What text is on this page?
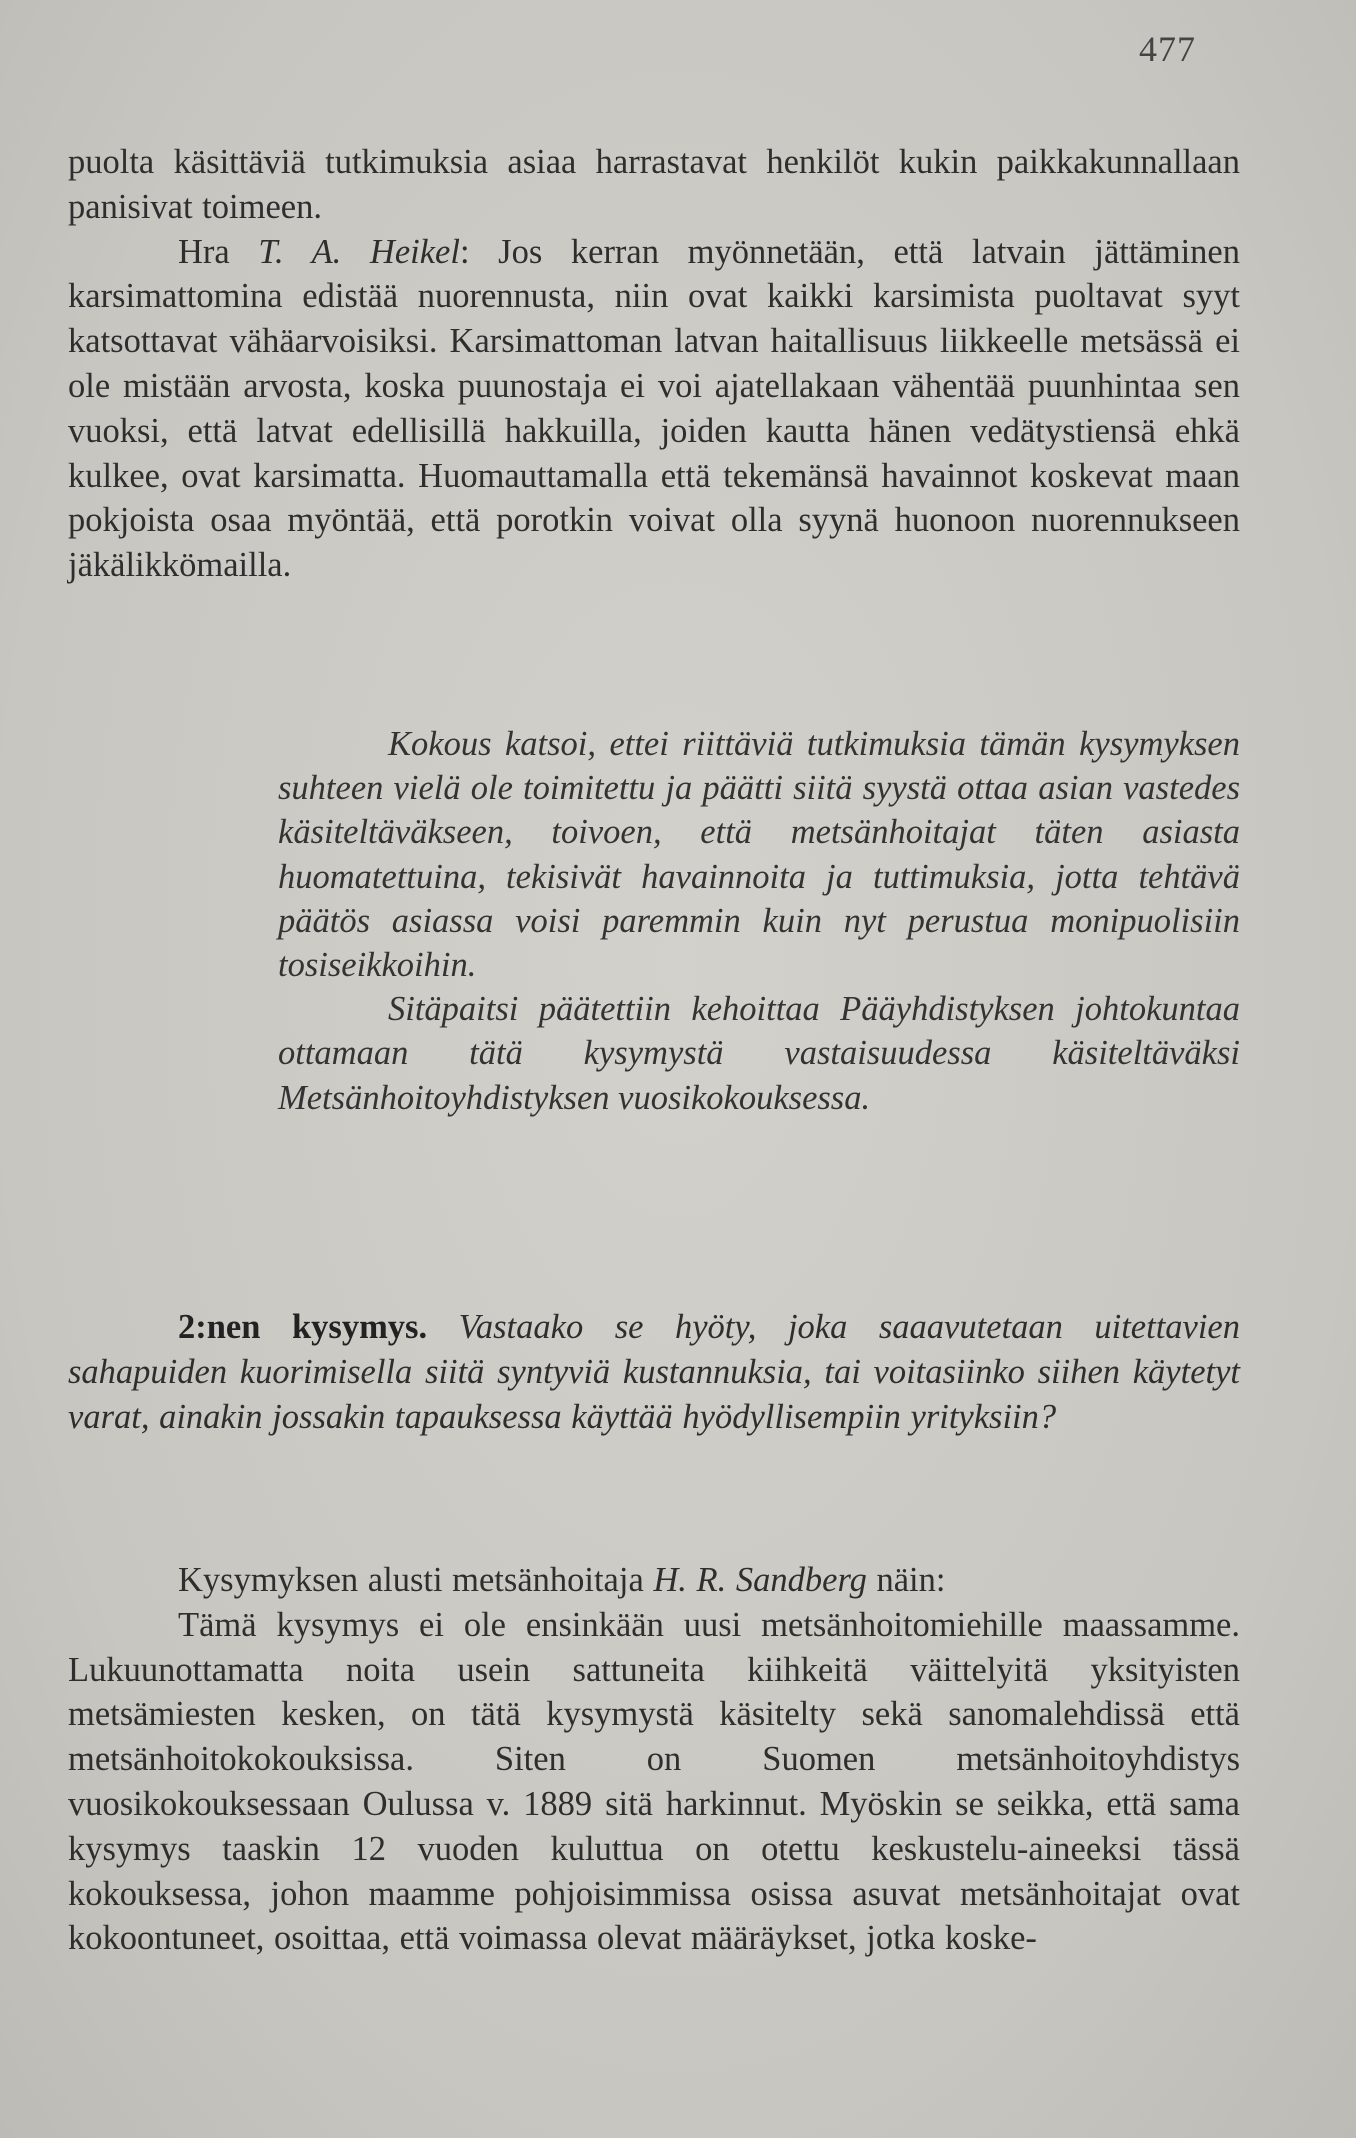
477

puolta käsittäviä tutkimuksia asiaa harrastavat henkilöt kukin paikkakunnallaan panisivat toimeen.

Hra T. A. Heikel: Jos kerran myönnetään, että latvain jättäminen karsimattomina edistää nuorennusta, niin ovat kaikki karsimista puoltavat syyt katsottavat vähäarvoisiksi. Karsimattoman latvan haitallisuus liikkeelle metsässä ei ole mistään arvosta, koska puunostaja ei voi ajatellakaan vähentää puunhintaa sen vuoksi, että latvat edellisillä hakkuilla, joiden kautta hänen vedätystiensä ehkä kulkee, ovat karsimatta. Huomauttamalla että tekemänsä havainnot koskevat maan pokjoista osaa myöntää, että porotkin voivat olla syynä huonoon nuorennukseen jäkälikkömailla.

Kokous katsoi, ettei riittäviä tutkimuksia tämän kysymyksen suhteen vielä ole toimitettu ja päätti siitä syystä ottaa asian vastedes käsiteltäväkseen, toivoen, että metsänhoitajat täten asiasta huomatettuina, tekisivät havainnoita ja tuttimuksia, jotta tehtävä päätös asiassa voisi paremmin kuin nyt perustua monipuolisiin tosiseikkoihin.

Sitäpaitsi päätettiin kehoittaa Pääyhdistyksen johtokuntaa ottamaan tätä kysymystä vastaisuudessa käsiteltäväksi Metsänhoitoyhdistyksen vuosikokouksessa.

2:nen kysymys. Vastaako se hyöty, joka saaavutetaan uitettavien sahapuiden kuorimisella siitä syntyviä kustannuksia, tai voitasiinko siihen käytetyt varat, ainakin jossakin tapauksessa käyttää hyödyllisempiin yrityksiin?

Kysymyksen alusti metsänhoitaja H. R. Sandberg näin:

Tämä kysymys ei ole ensinkään uusi metsänhoitomiehille maassamme. Lukuunottamatta noita usein sattuneita kiihkeitä väittelyitä yksityisten metsämiesten kesken, on tätä kysymystä käsitelty sekä sanomalehdissä että metsänhoitokokouksissa. Siten on Suomen metsänhoitoyhdistys vuosikokouksessaan Oulussa v. 1889 sitä harkinnut. Myöskin se seikka, että sama kysymys taaskin 12 vuoden kuluttua on otettu keskustelu-aineeksi tässä kokouksessa, johon maamme pohjoisimmissa osissa asuvat metsänhoitajat ovat kokoontuneet, osoittaa, että voimassa olevat määräykset, jotka koske-
